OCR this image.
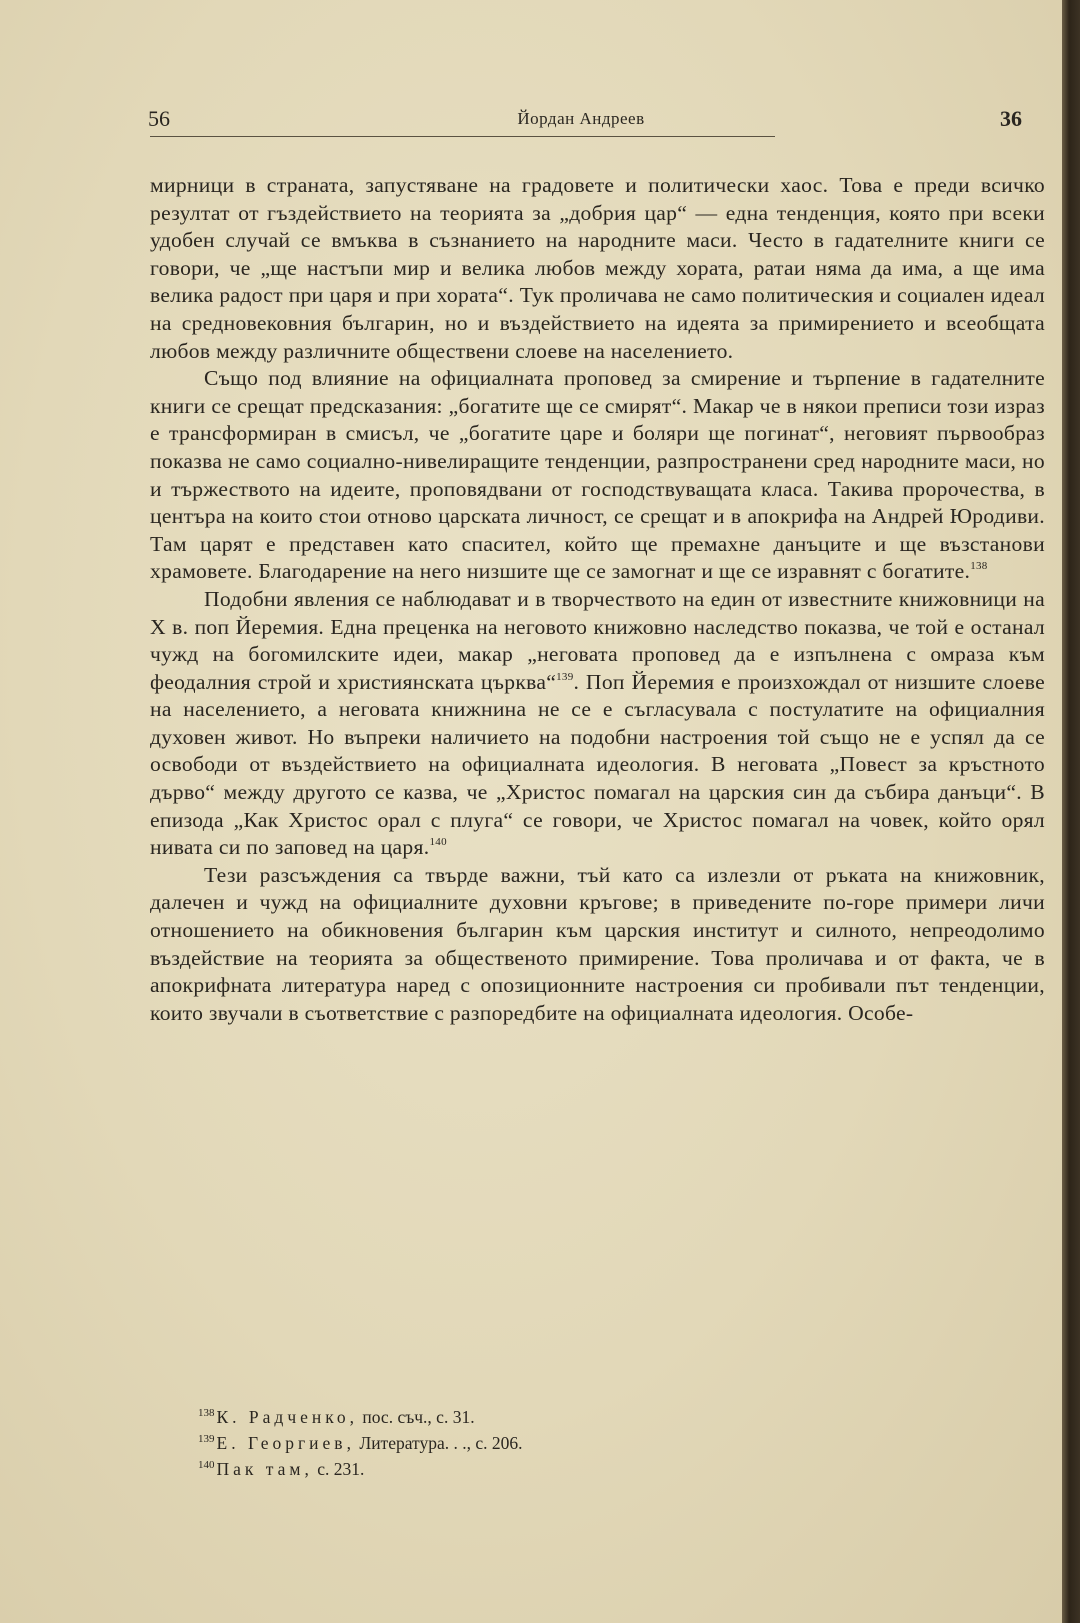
56	Йордан Андреев	36

мирници в страната, запустяване на градовете и политически хаос. Това е преди всичко резултат от гъздействието на теорията за „добрия цар“ — една тенденция, която при всеки удобен случай се вмъква в съзнанието на народните маси. Често в гадателните книги се говори, че „ще настъпи мир и велика любов между хората, ратаи няма да има, а ще има велика радост при царя и при хората“. Тук проличава не само политическия и социален идеал на средновековния българин, но и въздействието на идеята за примирението и всеобщата любов между различните обществени слоеве на населението.

Също под влияние на официалната проповед за смирение и търпение в гадателните книги се срещат предсказания: „богатите ще се смирят“. Макар че в някои преписи този израз е трансформиран в смисъл, че „богатите царе и боляри ще погинат“, неговият първообраз показва не само социално-нивелиращите тенденции, разпространени сред народните маси, но и тържеството на идеите, проповядвани от господствуващата класа. Такива пророчества, в центъра на които стои отново царската личност, се срещат и в апокрифа на Андрей Юродиви. Там царят е представен като спасител, който ще премахне данъците и ще възстанови храмовете. Благодарение на него низшите ще се замогнат и ще се изравнят с богатите.$^{138}$

Подобни явления се наблюдават и в творчеството на един от известните книжовници на X в. поп Йеремия. Една преценка на неговото книжовно наследство показва, че той е останал чужд на богомилските идеи, макар „неговата проповед да е изпълнена с омраза към феодалния строй и християнската църква“$^{139}$. Поп Йеремия е произхождал от низшите слоеве на населението, а неговата книжнина не се е съгласувала с постулатите на официалния духовен живот. Но въпреки наличието на подобни настроения той също не е успял да се освободи от въздействието на официалната идеология. В неговата „Повест за кръстното дърво“ между другото се казва, че „Христос помагал на царския син да събира данъци“. В епизода „Как Христос орал с плуга“ се говори, че Христос помагал на човек, който орял нивата си по заповед на царя.$^{140}$

Тези разсъждения са твърде важни, тъй като са излезли от ръката на книжовник, далечен и чужд на официалните духовни кръгове; в приведените по-горе примери личи отношението на обикновения българин към царския институт и силното, непреодолимо въздействие на теорията за общественото примирение. Това проличава и от факта, че в апокрифната литература наред с опозиционните настроения си пробивали път тенденции, които звучали в съответствие с разпоредбите на официалната идеология. Особе-

$^{138}$ К. Радченко, пос. съч., с. 31.
$^{139}$ Е. Георгиев, Литература. . ., с. 206.
$^{140}$ Пак там, с. 231.
